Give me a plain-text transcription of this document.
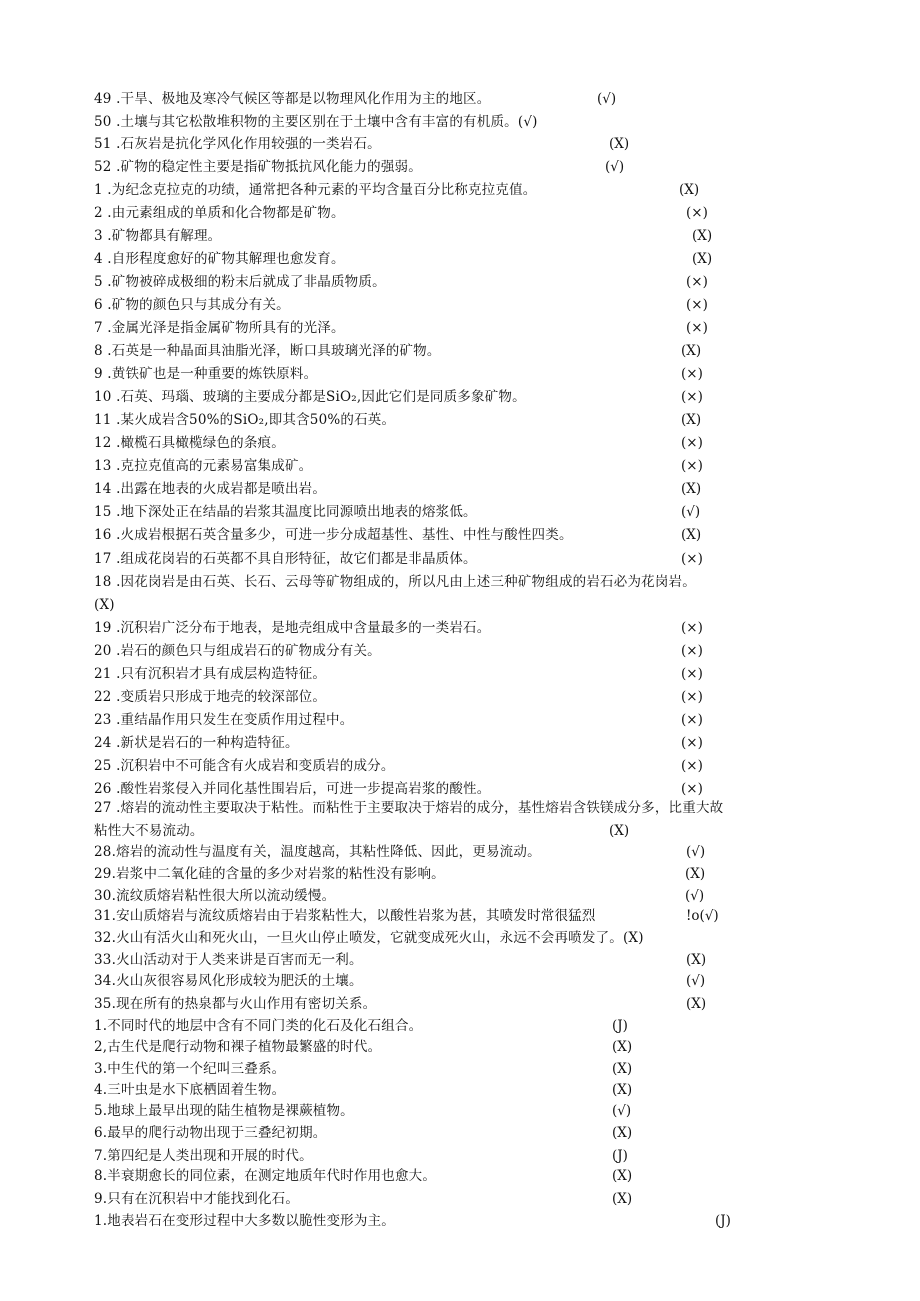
49 .干旱、极地及寒冷气候区等都是以物理风化作用为主的地区。	(√)
50 .土壤与其它松散堆积物的主要区别在于土壤中含有丰富的有机质。(√)
51 .石灰岩是抗化学风化作用较强的一类岩石。	(X)
52 .矿物的稳定性主要是指矿物抵抗风化能力的强弱。	(√)
1 .为纪念克拉克的功绩，通常把各种元素的平均含量百分比称克拉克值。	(X)
2 .由元素组成的单质和化合物都是矿物。	(×)
3 .矿物都具有解理。	(X)
4 .自形程度愈好的矿物其解理也愈发育。	(X)
5 .矿物被碎成极细的粉末后就成了非晶质物质。	(×)
6 .矿物的颜色只与其成分有关。	(×)
7 .金属光泽是指金属矿物所具有的光泽。	(×)
8 .石英是一种晶面具油脂光泽，断口具玻璃光泽的矿物。	(X)
9 .黄铁矿也是一种重要的炼铁原料。	(×)
10 .石英、玛瑙、玻璃的主要成分都是SiO₂,因此它们是同质多象矿物。	(×)
11 .某火成岩含50%的SiO₂,即其含50%的石英。	(X)
12 .橄榄石具橄榄绿色的条痕。	(×)
13 .克拉克值高的元素易富集成矿。	(×)
14 .出露在地表的火成岩都是喷出岩。	(X)
15 .地下深处正在结晶的岩浆其温度比同源喷出地表的熔浆低。	(√)
16 .火成岩根据石英含量多少，可进一步分成超基性、基性、中性与酸性四类。	(X)
17 .组成花岗岩的石英都不具自形特征，故它们都是非晶质体。	(×)
18 .因花岗岩是由石英、长石、云母等矿物组成的，所以凡由上述三种矿物组成的岩石必为花岗岩。
(X)
19 .沉积岩广泛分布于地表，是地壳组成中含量最多的一类岩石。	(×)
20 .岩石的颜色只与组成岩石的矿物成分有关。	(×)
21 .只有沉积岩才具有成层构造特征。	(×)
22 .变质岩只形成于地壳的较深部位。	(×)
23 .重结晶作用只发生在变质作用过程中。	(×)
24 .新状是岩石的一种构造特征。	(×)
25 .沉积岩中不可能含有火成岩和变质岩的成分。	(×)
26 .酸性岩浆侵入并同化基性围岩后，可进一步提高岩浆的酸性。	(×)
27 .熔岩的流动性主要取决于粘性。而粘性于主要取决于熔岩的成分，基性熔岩含铁镁成分多，比重大故
粘性大不易流动。	(X)
28.熔岩的流动性与温度有关，温度越高，其粘性降低、因此，更易流动。	(√)
29.岩浆中二氧化硅的含量的多少对岩浆的粘性没有影响。	(X)
30.流纹质熔岩粘性很大所以流动缓慢。	(√)
31.安山质熔岩与流纹质熔岩由于岩浆粘性大，以酸性岩浆为甚，其喷发时常很猛烈	!o(√)
32.火山有活火山和死火山，一旦火山停止喷发，它就变成死火山，永远不会再喷发了。(X)
33.火山活动对于人类来讲是百害而无一利。	(X)
34.火山灰很容易风化形成较为肥沃的土壤。	(√)
35.现在所有的热泉都与火山作用有密切关系。	(X)
1.不同时代的地层中含有不同门类的化石及化石组合。	(J)
2,古生代是爬行动物和裸子植物最繁盛的时代。	(X)
3.中生代的第一个纪叫三叠系。	(X)
4.三叶虫是水下底栖固着生物。	(X)
5.地球上最早出现的陆生植物是裸蕨植物。	(√)
6.最早的爬行动物出现于三叠纪初期。	(X)
7.第四纪是人类出现和开展的时代。	(J)
8.半衰期愈长的同位素，在测定地质年代时作用也愈大。	(X)
9.只有在沉积岩中才能找到化石。	(X)
1.地表岩石在变形过程中大多数以脆性变形为主。	(J)
